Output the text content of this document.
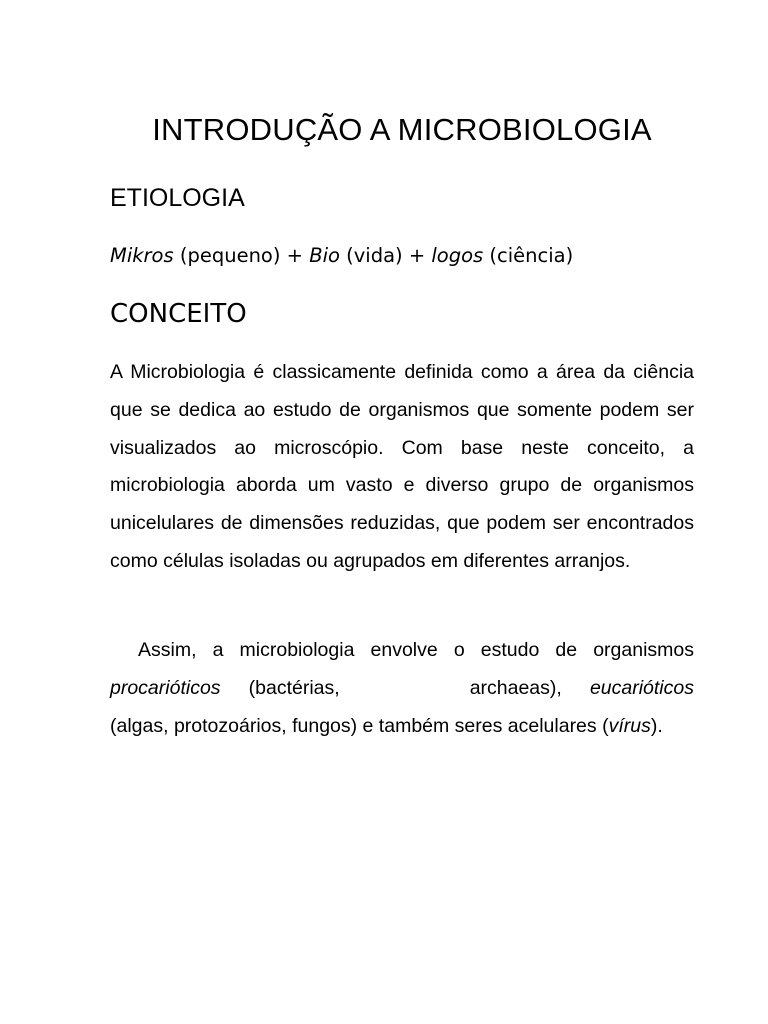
INTRODUÇÃO A MICROBIOLOGIA
ETIOLOGIA

Mikros (pequeno) + Bio (vida) + logos (ciência)

CONCEITO

A Microbiologia é classicamente definida como a área da ciência que se dedica ao estudo de organismos que somente podem ser visualizados ao microscópio. Com base neste conceito, a microbiologia aborda um vasto e diverso grupo de organismos unicelulares de dimensões reduzidas, que podem ser encontrados como células isoladas ou agrupados em diferentes arranjos.

Assim, a microbiologia envolve o estudo de organismos procarióticos (bactérias,	archaeas), eucarióticos (algas, protozoários, fungos) e também seres acelulares (vírus).
